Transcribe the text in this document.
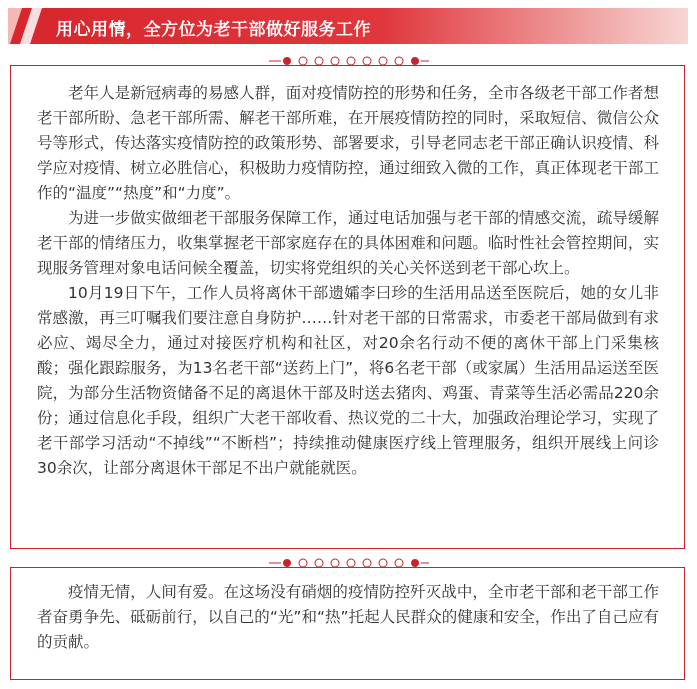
用心用情，全方位为老干部做好服务工作

老年人是新冠病毒的易感人群，面对疫情防控的形势和任务，全市各级老干部工作者想老干部所盼、急老干部所需、解老干部所难，在开展疫情防控的同时，采取短信、微信公众号等形式，传达落实疫情防控的政策形势、部署要求，引导老同志老干部正确认识疫情、科学应对疫情、树立必胜信心，积极助力疫情防控，通过细致入微的工作，真正体现老干部工作的“温度”“热度”和“力度”。

为进一步做实做细老干部服务保障工作，通过电话加强与老干部的情感交流，疏导缓解老干部的情绪压力，收集掌握老干部家庭存在的具体困难和问题。临时性社会管控期间，实现服务管理对象电话问候全覆盖，切实将党组织的关心关怀送到老干部心坎上。

10月19日下午，工作人员将离休干部遗孀李曰珍的生活用品送至医院后，她的女儿非常感激，再三叮嘱我们要注意自身防护……针对老干部的日常需求，市委老干部局做到有求必应、竭尽全力，通过对接医疗机构和社区，对20余名行动不便的离休干部上门采集核酸；强化跟踪服务，为13名老干部“送药上门”，将6名老干部（或家属）生活用品运送至医院，为部分生活物资储备不足的离退休干部及时送去猪肉、鸡蛋、青菜等生活必需品220余份；通过信息化手段，组织广大老干部收看、热议党的二十大，加强政治理论学习，实现了老干部学习活动“不掉线”“不断档”；持续推动健康医疗线上管理服务，组织开展线上问诊30余次，让部分离退休干部足不出户就能就医。

疫情无情，人间有爱。在这场没有硝烟的疫情防控歼灭战中，全市老干部和老干部工作者奋勇争先、砥砺前行，以自己的“光”和“热”托起人民群众的健康和安全，作出了自己应有的贡献。
